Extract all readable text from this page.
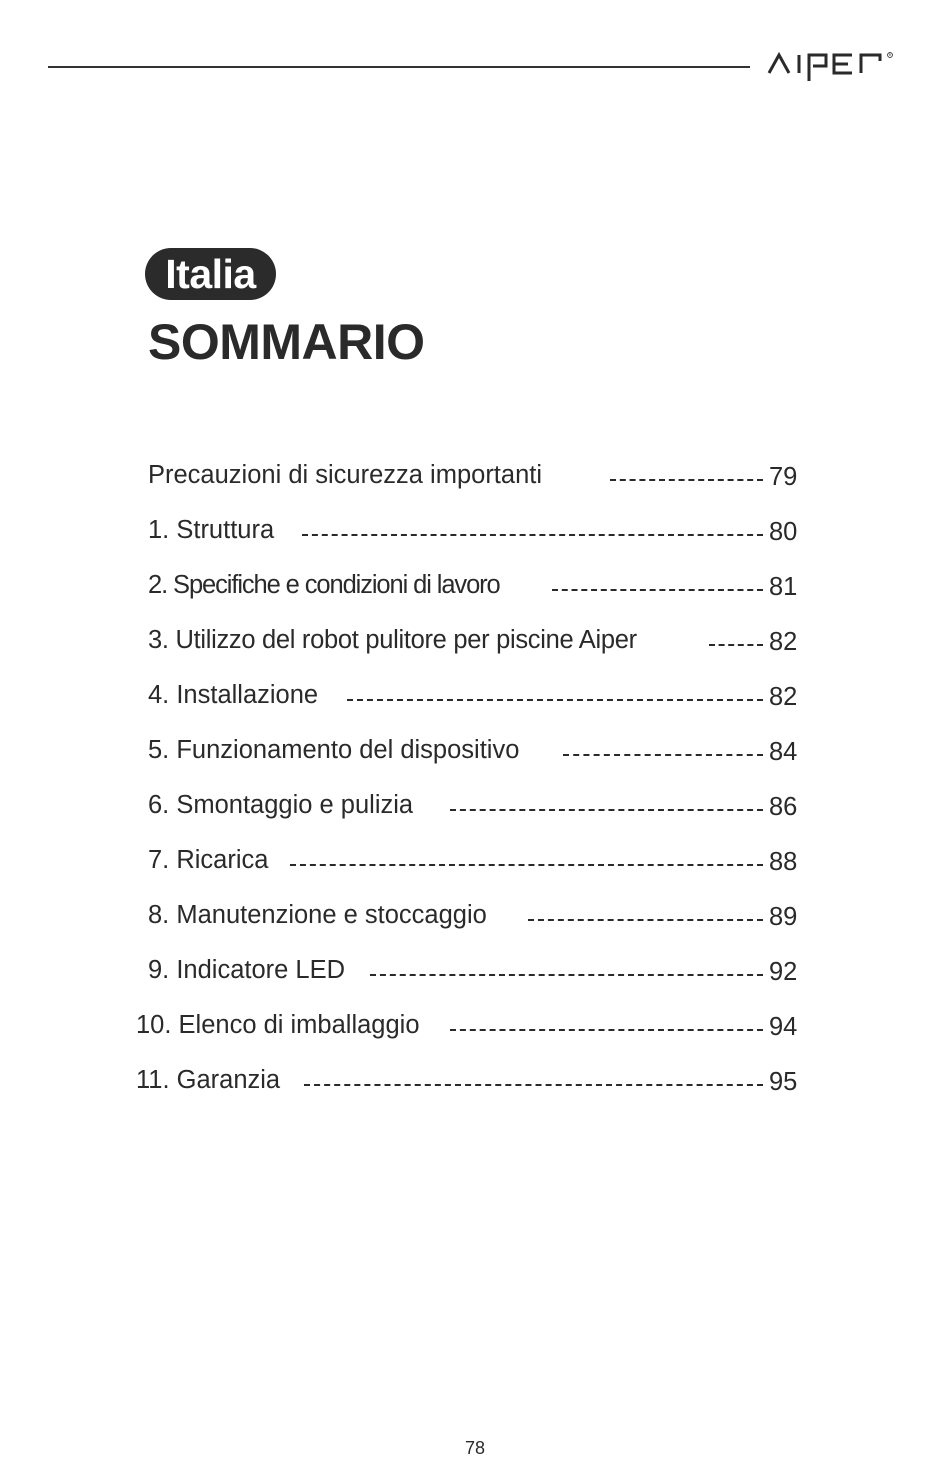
R
Italia
SOMMARIO
Precauzioni di sicurezza importanti	79
1. Struttura	80
2. Specifiche e condizioni di lavoro	81
3. Utilizzo del robot pulitore per piscine Aiper	82
4. Installazione	82
5. Funzionamento del dispositivo	84
6. Smontaggio e pulizia	86
7. Ricarica	88
8. Manutenzione e stoccaggio	89
9. Indicatore LED	92
10. Elenco di imballaggio	94
11. Garanzia	95
78
